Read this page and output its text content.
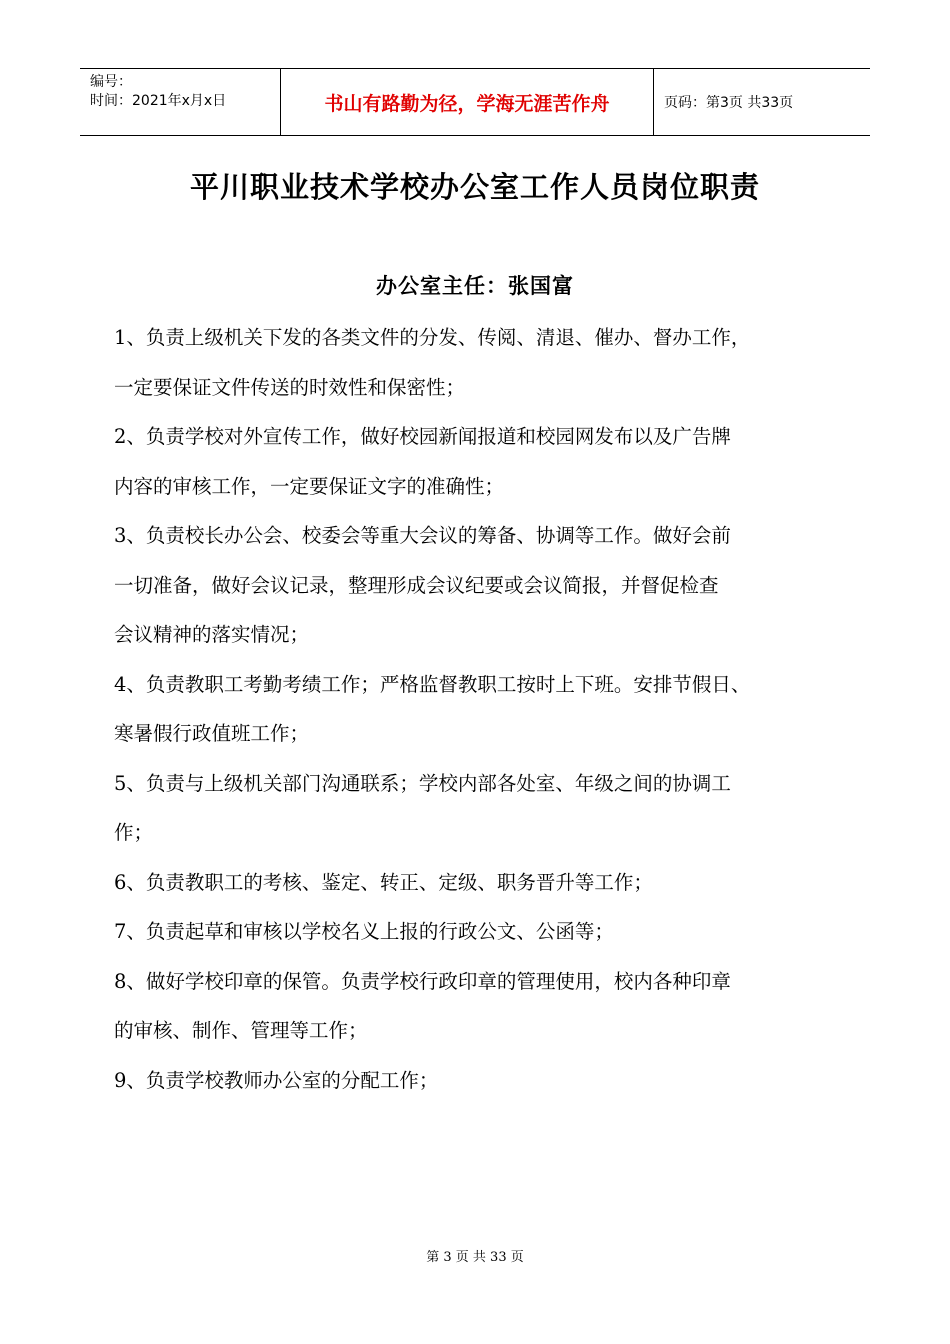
编号：
时间：2021年x月x日	书山有路勤为径，学海无涯苦作舟	页码：第3页 共33页
平川职业技术学校办公室工作人员岗位职责
办公室主任：张国富
1、负责上级机关下发的各类文件的分发、传阅、清退、催办、督办工作，
一定要保证文件传送的时效性和保密性；
2、负责学校对外宣传工作，做好校园新闻报道和校园网发布以及广告牌
内容的审核工作，一定要保证文字的准确性；
3、负责校长办公会、校委会等重大会议的筹备、协调等工作。做好会前
一切准备，做好会议记录，整理形成会议纪要或会议简报，并督促检查
会议精神的落实情况；
4、负责教职工考勤考绩工作；严格监督教职工按时上下班。安排节假日、
寒暑假行政值班工作；
5、负责与上级机关部门沟通联系；学校内部各处室、年级之间的协调工
作；
6、负责教职工的考核、鉴定、转正、定级、职务晋升等工作；
7、负责起草和审核以学校名义上报的行政公文、公函等；
8、做好学校印章的保管。负责学校行政印章的管理使用，校内各种印章
的审核、制作、管理等工作；
9、负责学校教师办公室的分配工作；
第 3 页 共 33 页
